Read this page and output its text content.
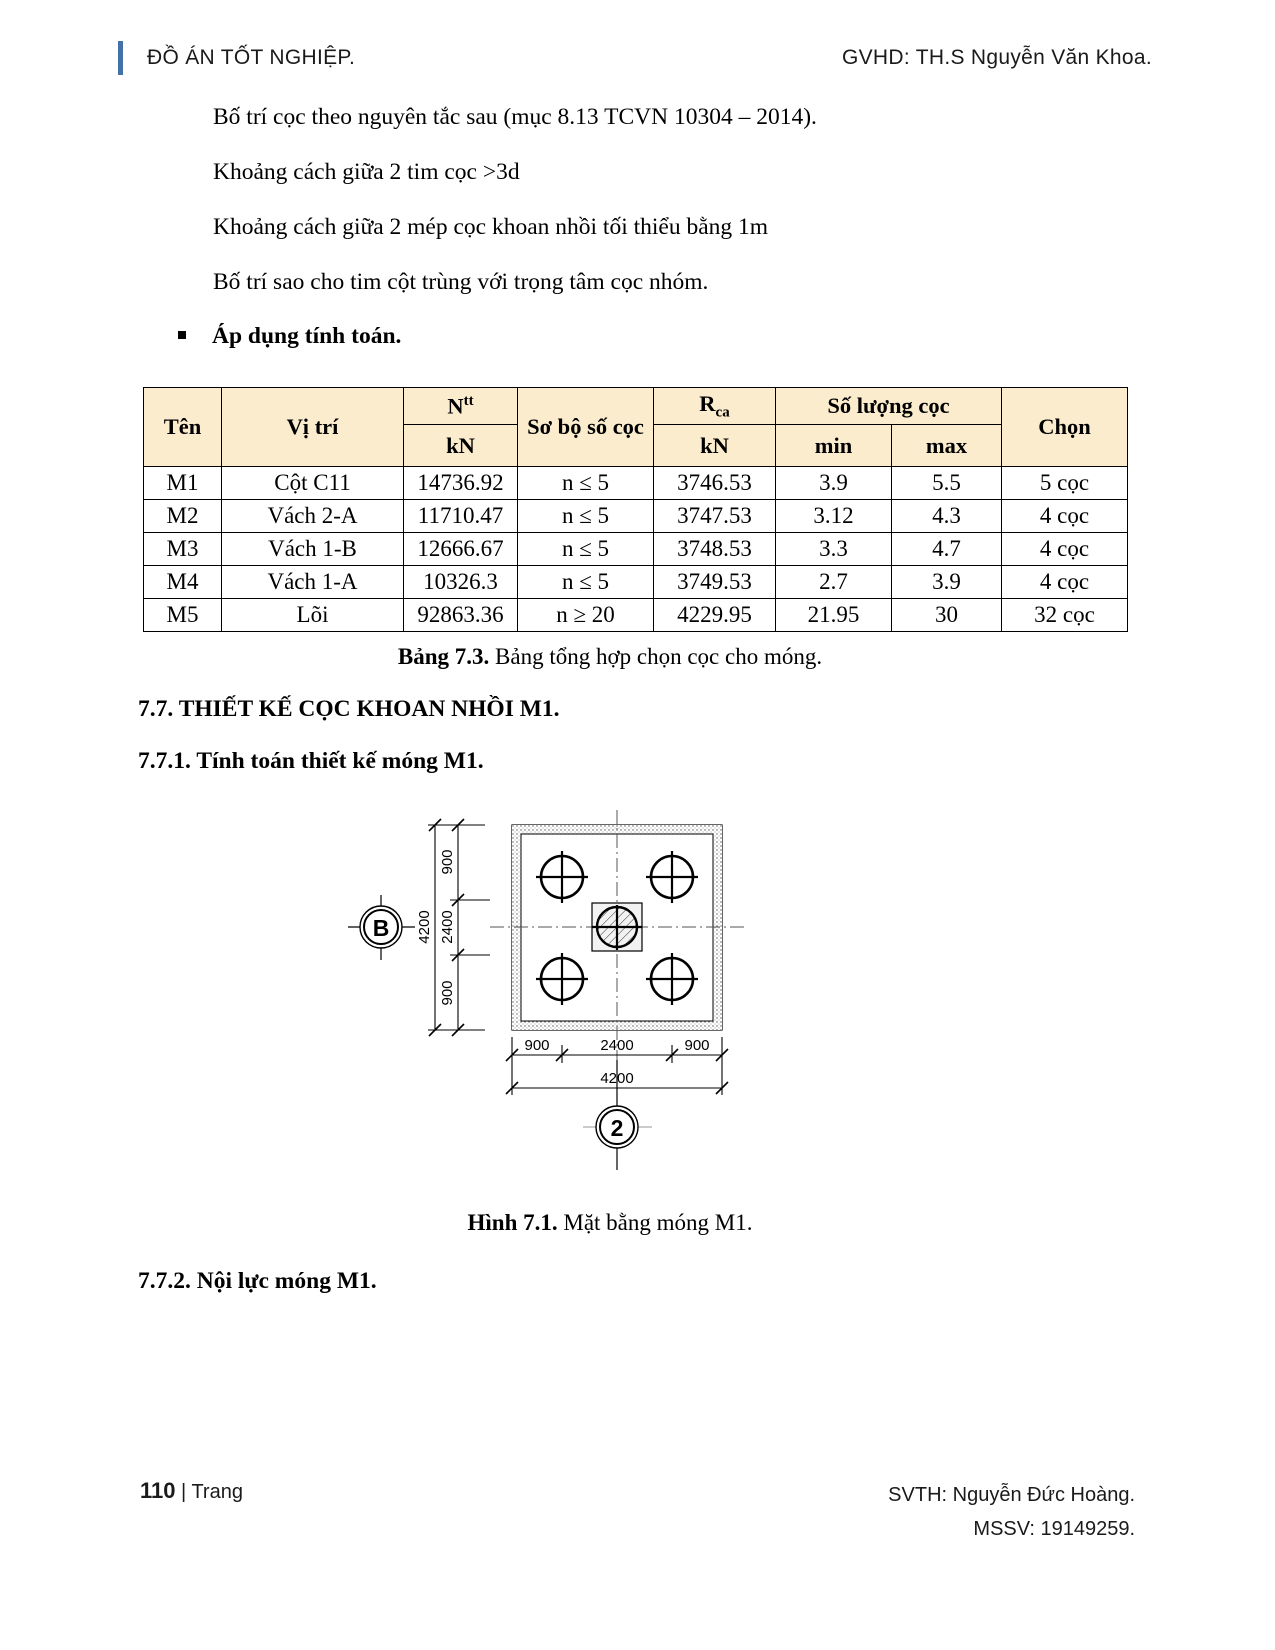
ĐỒ ÁN TỐT NGHIỆP.	GVHD: TH.S Nguyễn Văn Khoa.
Bố trí cọc theo nguyên tắc sau (mục 8.13 TCVN 10304 – 2014).
Khoảng cách giữa 2 tim cọc >3d
Khoảng cách giữa 2 mép cọc khoan nhồi tối thiểu bằng 1m
Bố trí sao cho tim cột trùng với trọng tâm cọc nhóm.
Áp dụng tính toán.
Tên	Vị trí	$N^{tt}$	Sơ bộ số cọc	$R_{ca}$	Số lượng cọc		Chọn
		kN		kN	min	max	
M1	Cột C11	14736.92	n ≤ 5	3746.53	3.9	5.5	5 cọc
M2	Vách 2-A	11710.47	n ≤ 5	3747.53	3.12	4.3	4 cọc
M3	Vách 1-B	12666.67	n ≤ 5	3748.53	3.3	4.7	4 cọc
M4	Vách 1-A	10326.3	n ≤ 5	3749.53	2.7	3.9	4 cọc
M5	Lõi	92863.36	n ≥ 20	4229.95	21.95	30	32 cọc
Bảng 7.3. Bảng tổng hợp chọn cọc cho móng.
7.7. THIẾT KẾ CỌC KHOAN NHỒI M1.
7.7.1. Tính toán thiết kế móng M1.
900
2400
900
4200
B
900	2400	900
4200
2
Hình 7.1. Mặt bằng móng M1.
7.7.2. Nội lực móng M1.
110 | Trang	SVTH: Nguyễn Đức Hoàng.
MSSV: 19149259.
